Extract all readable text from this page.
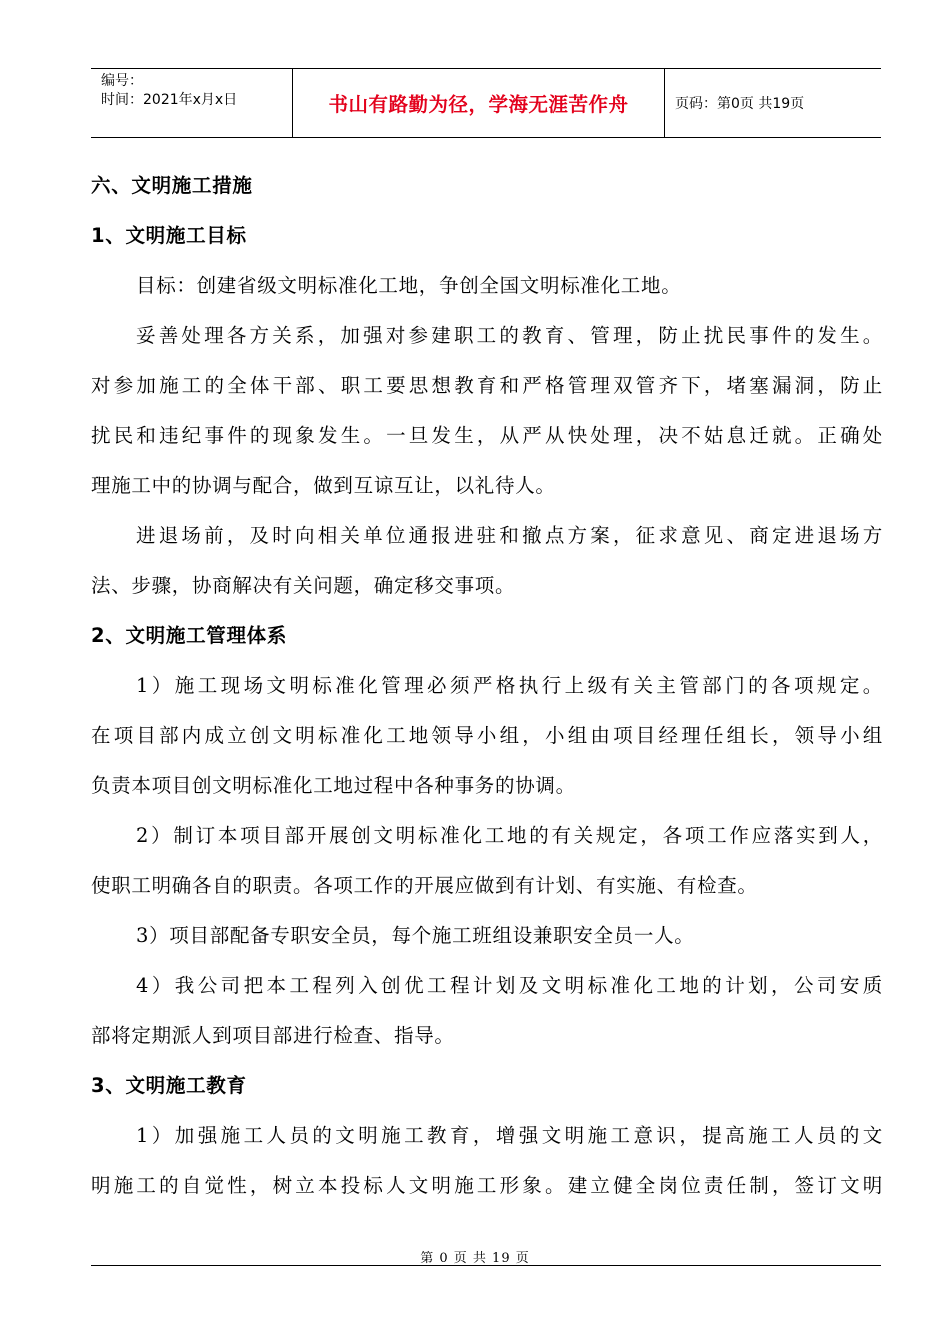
编号：
时间：2021年x月x日	书山有路勤为径，学海无涯苦作舟	页码：第0页 共19页
六、文明施工措施
1、文明施工目标
目标：创建省级文明标准化工地，争创全国文明标准化工地。
妥善处理各方关系，加强对参建职工的教育、管理，防止扰民事件的发生。
对参加施工的全体干部、职工要思想教育和严格管理双管齐下，堵塞漏洞，防止
扰民和违纪事件的现象发生。一旦发生，从严从快处理，决不姑息迁就。正确处
理施工中的协调与配合，做到互谅互让，以礼待人。
进退场前，及时向相关单位通报进驻和撤点方案，征求意见、商定进退场方
法、步骤，协商解决有关问题，确定移交事项。
2、文明施工管理体系
1）施工现场文明标准化管理必须严格执行上级有关主管部门的各项规定。
在项目部内成立创文明标准化工地领导小组，小组由项目经理任组长，领导小组
负责本项目创文明标准化工地过程中各种事务的协调。
2）制订本项目部开展创文明标准化工地的有关规定，各项工作应落实到人，
使职工明确各自的职责。各项工作的开展应做到有计划、有实施、有检查。
3）项目部配备专职安全员，每个施工班组设兼职安全员一人。
4）我公司把本工程列入创优工程计划及文明标准化工地的计划，公司安质
部将定期派人到项目部进行检查、指导。
3、文明施工教育
1）加强施工人员的文明施工教育，增强文明施工意识，提高施工人员的文
明施工的自觉性，树立本投标人文明施工形象。建立健全岗位责任制，签订文明
第 0 页 共 19 页
